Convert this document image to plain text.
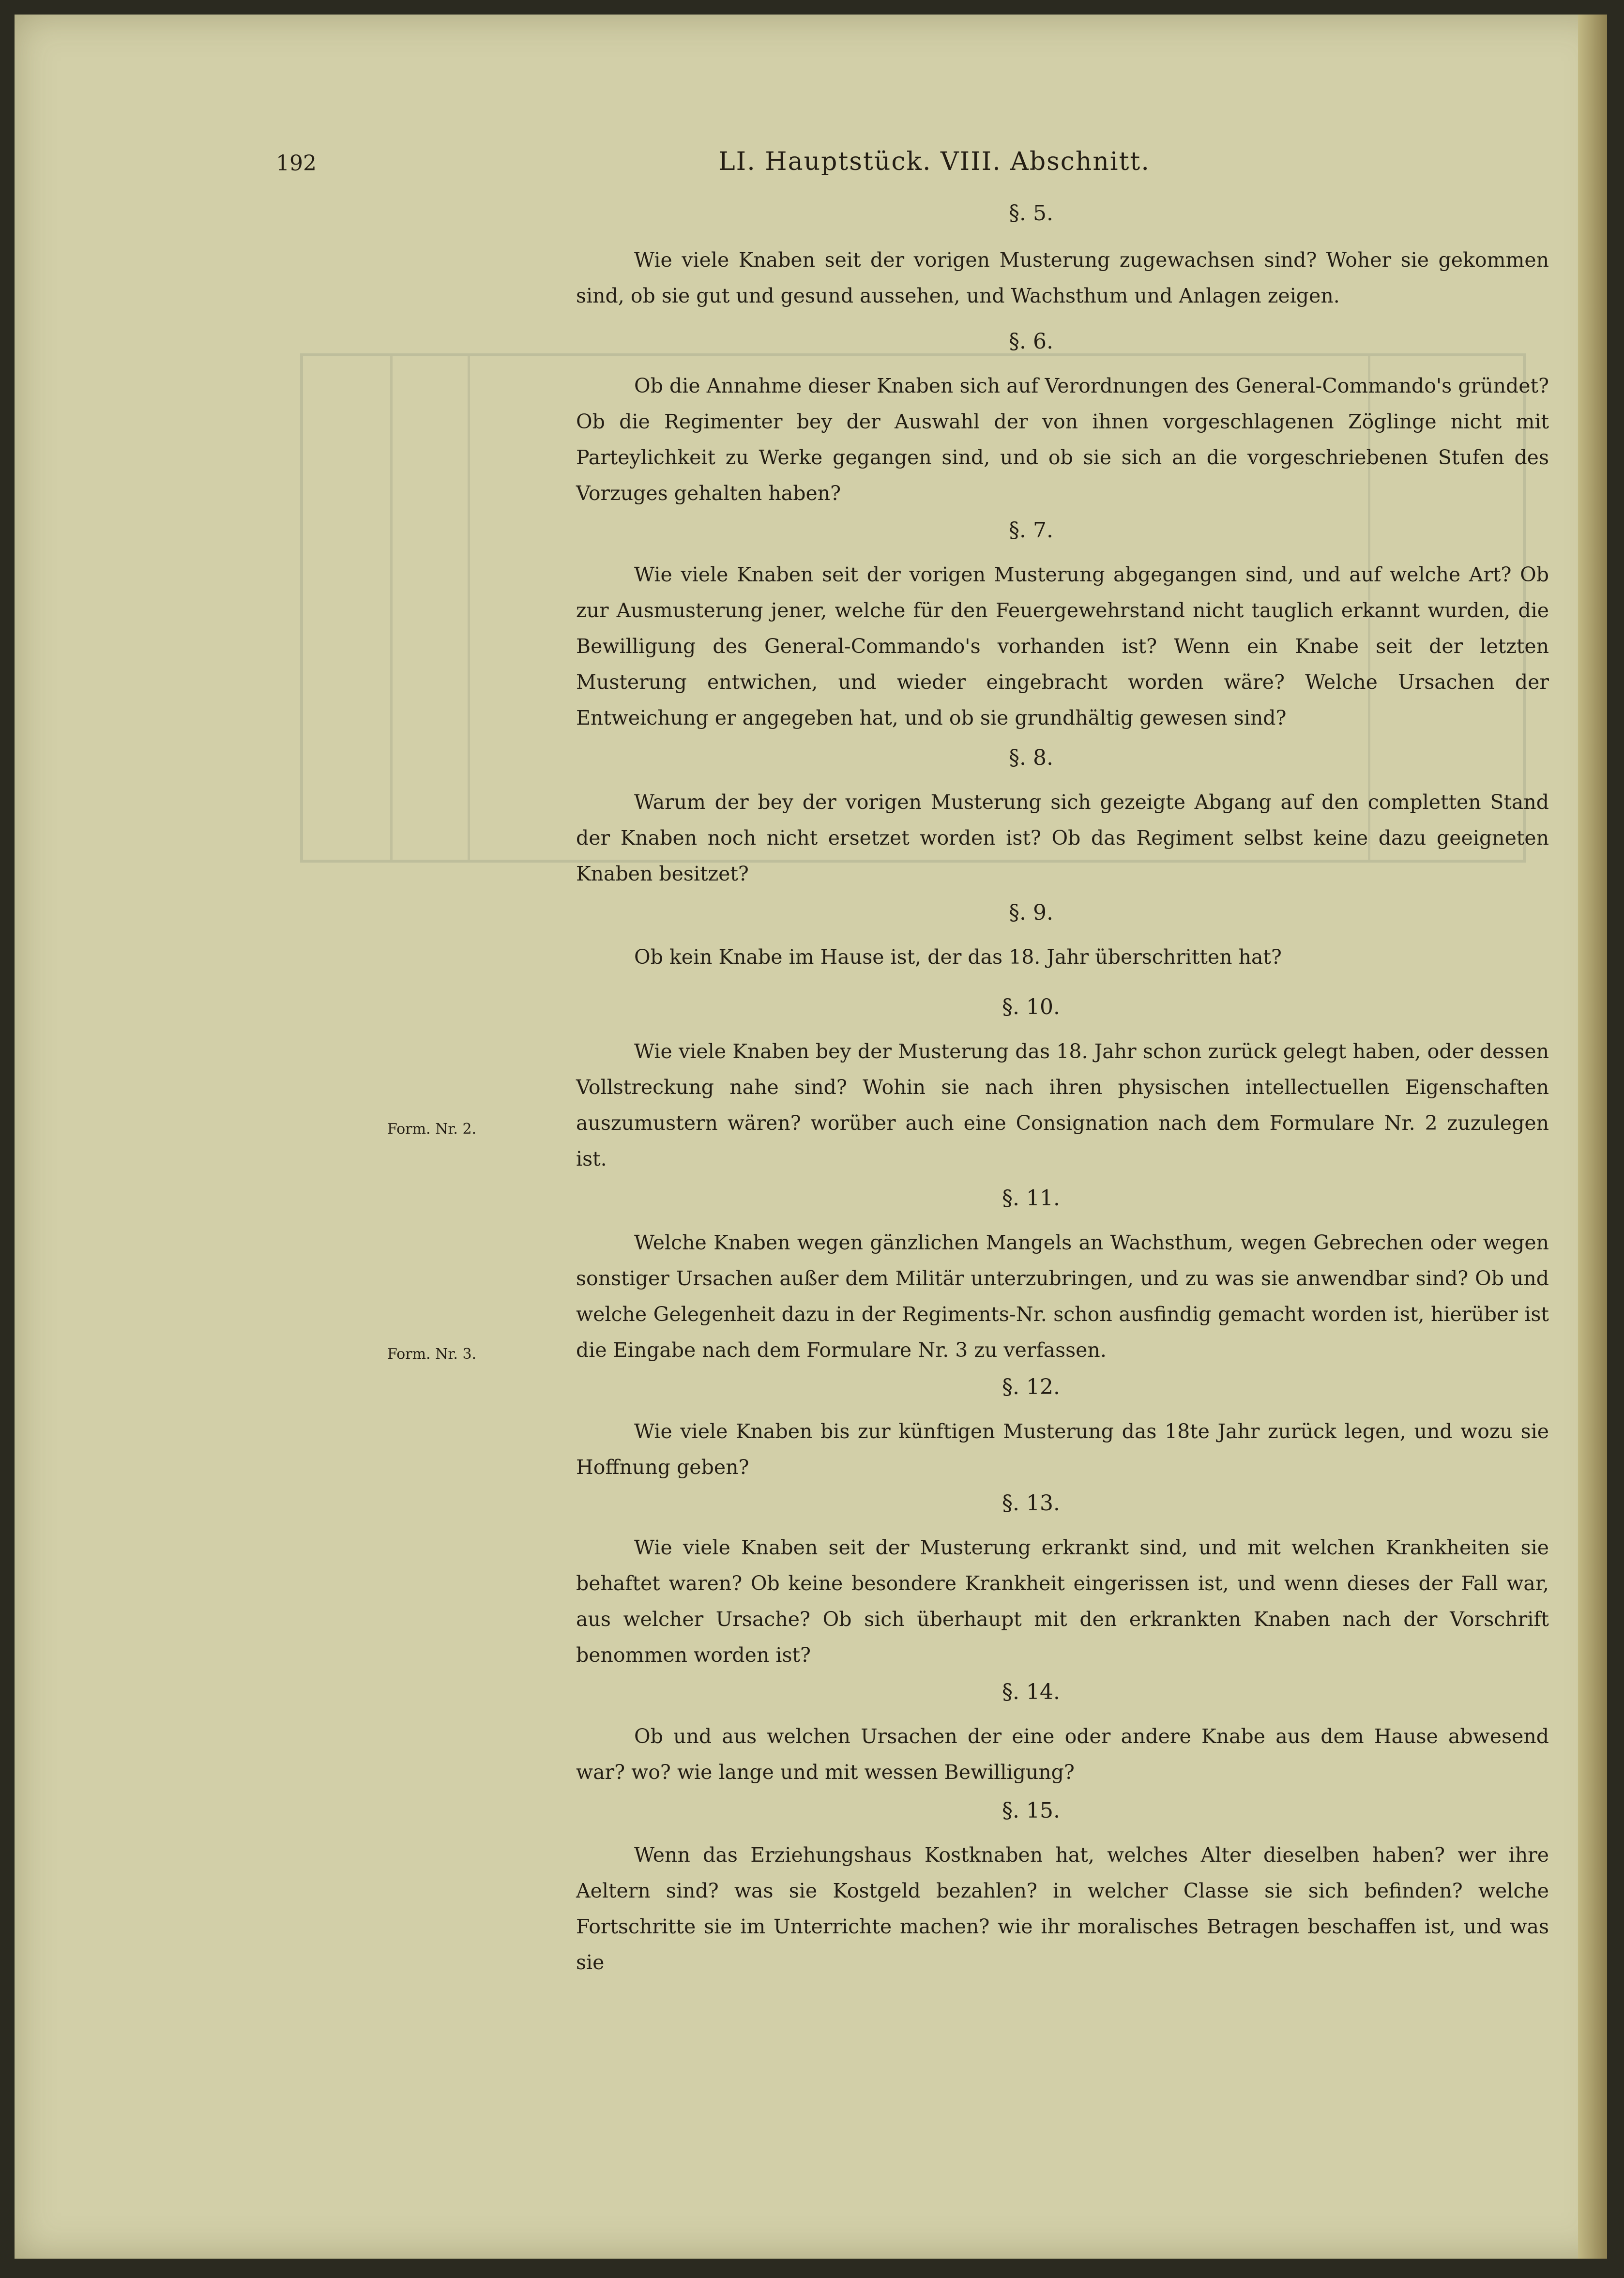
192	LI. Hauptstück. VIII. Abschnitt.
§. 5.
Wie viele Knaben seit der vorigen Musterung zugewachsen sind? Woher sie gekommen sind, ob sie gut und gesund aussehen, und Wachsthum und Anlagen zeigen.
§. 6.
Ob die Annahme dieser Knaben sich auf Verordnungen des General-Commando's gründet? Ob die Regimenter bey der Auswahl der von ihnen vorgeschlagenen Zöglinge nicht mit Partеylichkeit zu Werke gegangen sind, und ob sie sich an die vorgeschriebenen Stufen des Vorzuges gehalten haben?
§. 7.
Wie viele Knaben seit der vorigen Musterung abgegangen sind, und auf welche Art? Ob zur Ausmusterung jener, welche für den Feuergewehrstand nicht tauglich erkannt wurden, die Bewilligung des General-Commando's vorhanden ist? Wenn ein Knabe seit der letzten Musterung entwichen, und wieder eingebracht worden wäre? Welche Ursachen der Entweichung er angegeben hat, und ob sie grundhältig gewesen sind?
§. 8.
Warum der bey der vorigen Musterung sich gezeigte Abgang auf den completten Stand der Knaben noch nicht ersetzet worden ist? Ob das Regiment selbst keine dazu geeigneten Knaben besitzet?
§. 9.
Ob kein Knabe im Hause ist, der das 18. Jahr überschritten hat?
§. 10.
Wie viele Knaben bey der Musterung das 18. Jahr schon zurück gelegt haben, oder dessen Vollstreckung nahe sind? Wohin sie nach ihren physischen intellectuellen Eigenschaften auszumustern wären? worüber auch eine Consignation nach dem Formulare Nr. 2 zuzulegen ist.
Form. Nr. 2.
§. 11.
Welche Knaben wegen gänzlichen Mangels an Wachsthum, wegen Gebrechen oder wegen sonstiger Ursachen außer dem Militär unterzubringen, und zu was sie anwendbar sind? Ob und welche Gelegenheit dazu in der Regiments-Nr. schon ausfindig gemacht worden ist, hierüber ist die Eingabe nach dem Formulare Nr. 3 zu verfassen.
Form. Nr. 3.
§. 12.
Wie viele Knaben bis zur künftigen Musterung das 18te Jahr zurück legen, und wozu sie Hoffnung geben?
§. 13.
Wie viele Knaben seit der Musterung erkrankt sind, und mit welchen Krankheiten sie behaftet waren? Ob keine besondere Krankheit eingerissen ist, und wenn dieses der Fall war, aus welcher Ursache? Ob sich überhaupt mit den erkrankten Knaben nach der Vorschrift benommen worden ist?
§. 14.
Ob und aus welchen Ursachen der eine oder andere Knabe aus dem Hause abwesend war? wo? wie lange und mit wessen Bewilligung?
§. 15.
Wenn das Erziehungshaus Kostknaben hat, welches Alter dieselben haben? wer ihre Aeltern sind? was sie Kostgeld bezahlen? in welcher Classe sie sich befinden? welche Fortschritte sie im Unterrichte machen? wie ihr moralisches Betragen beschaffen ist, und was sie
